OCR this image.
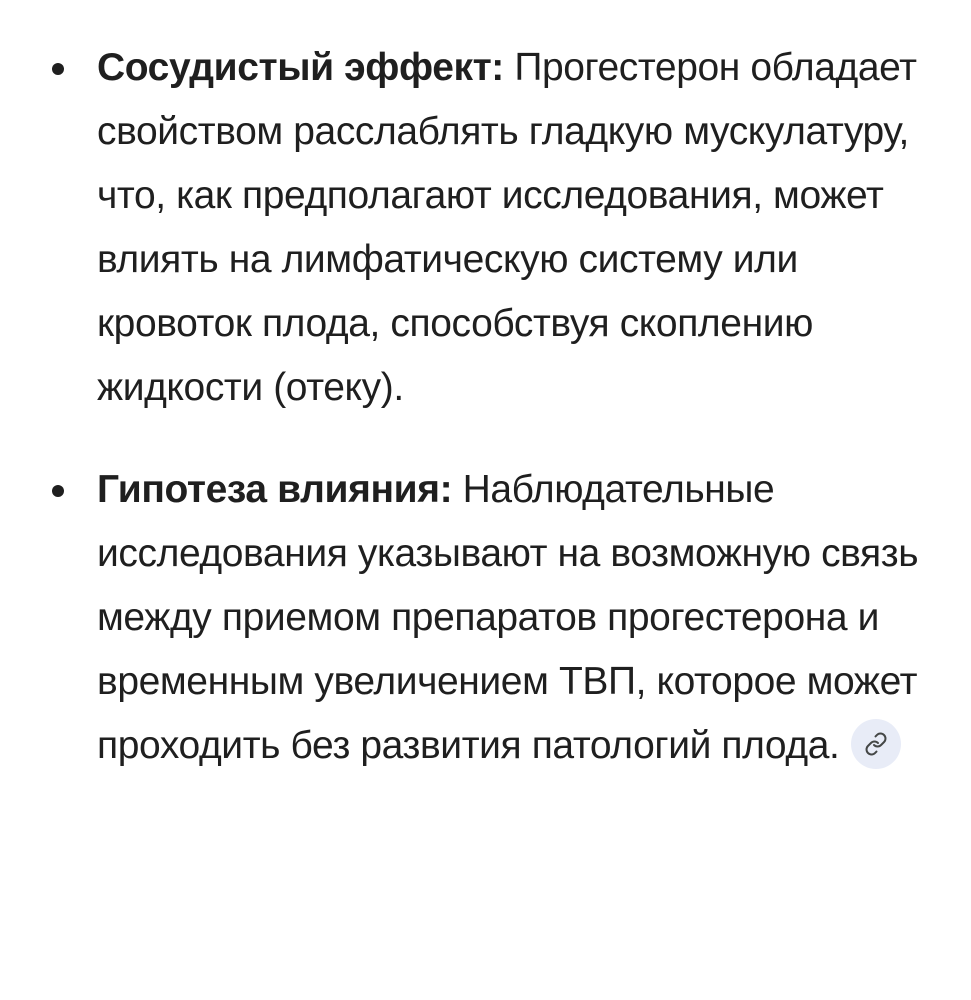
Сосудистый эффект: Прогестерон обладает свойством расслаблять гладкую мускулатуру, что, как предполагают исследования, может влиять на лимфатическую систему или кровоток плода, способствуя скоплению жидкости (отеку).
Гипотеза влияния: Наблюдательные исследования указывают на возможную связь между приемом препаратов прогестерона и временным увеличением ТВП, которое может проходить без развития патологий плода.
